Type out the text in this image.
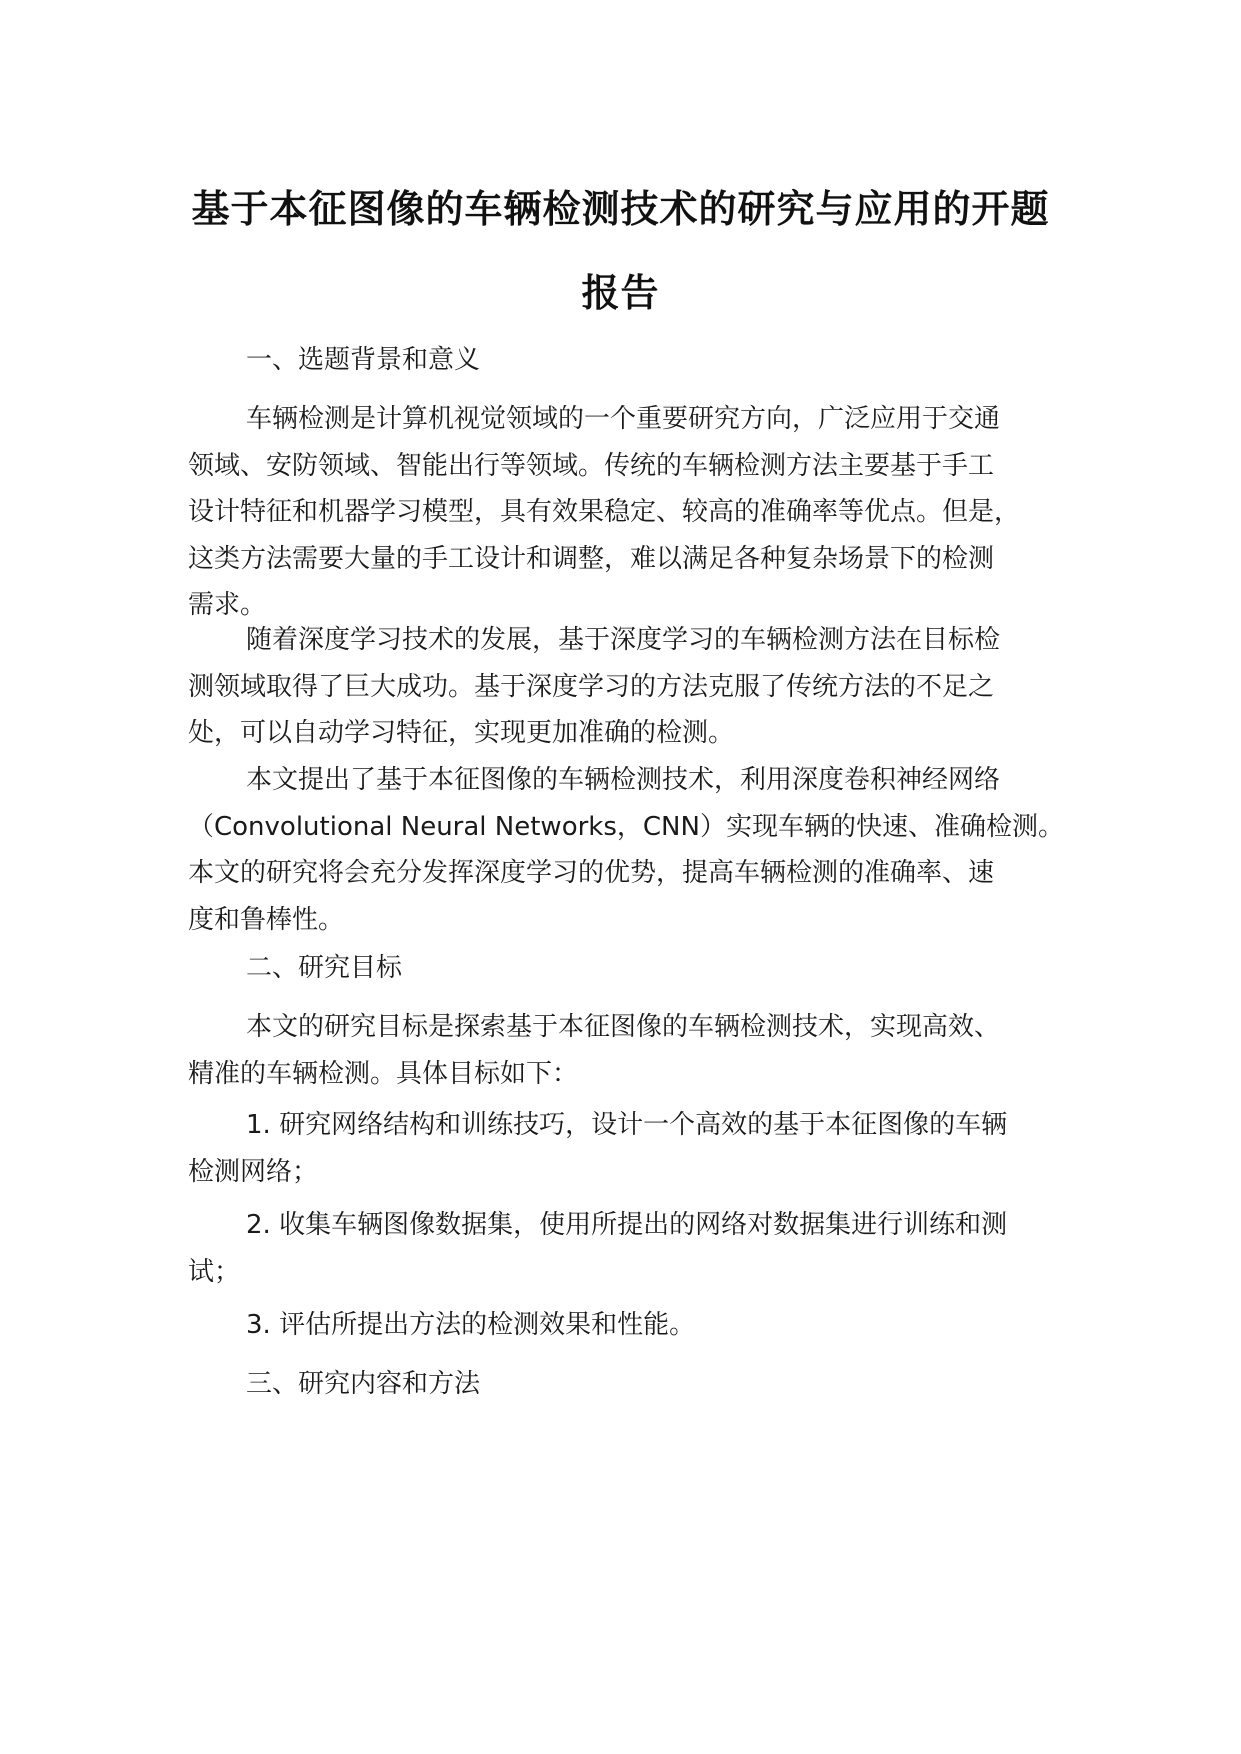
基于本征图像的车辆检测技术的研究与应用的开题
报告

一、选题背景和意义

车辆检测是计算机视觉领域的一个重要研究方向，广泛应用于交通
领域、安防领域、智能出行等领域。传统的车辆检测方法主要基于手工
设计特征和机器学习模型，具有效果稳定、较高的准确率等优点。但是，
这类方法需要大量的手工设计和调整，难以满足各种复杂场景下的检测
需求。

随着深度学习技术的发展，基于深度学习的车辆检测方法在目标检
测领域取得了巨大成功。基于深度学习的方法克服了传统方法的不足之
处，可以自动学习特征，实现更加准确的检测。

本文提出了基于本征图像的车辆检测技术，利用深度卷积神经网络
（Convolutional Neural Networks，CNN）实现车辆的快速、准确检测。
本文的研究将会充分发挥深度学习的优势，提高车辆检测的准确率、速
度和鲁棒性。

二、研究目标

本文的研究目标是探索基于本征图像的车辆检测技术，实现高效、
精准的车辆检测。具体目标如下：

1. 研究网络结构和训练技巧，设计一个高效的基于本征图像的车辆
检测网络；

2. 收集车辆图像数据集，使用所提出的网络对数据集进行训练和测
试；

3. 评估所提出方法的检测效果和性能。

三、研究内容和方法
